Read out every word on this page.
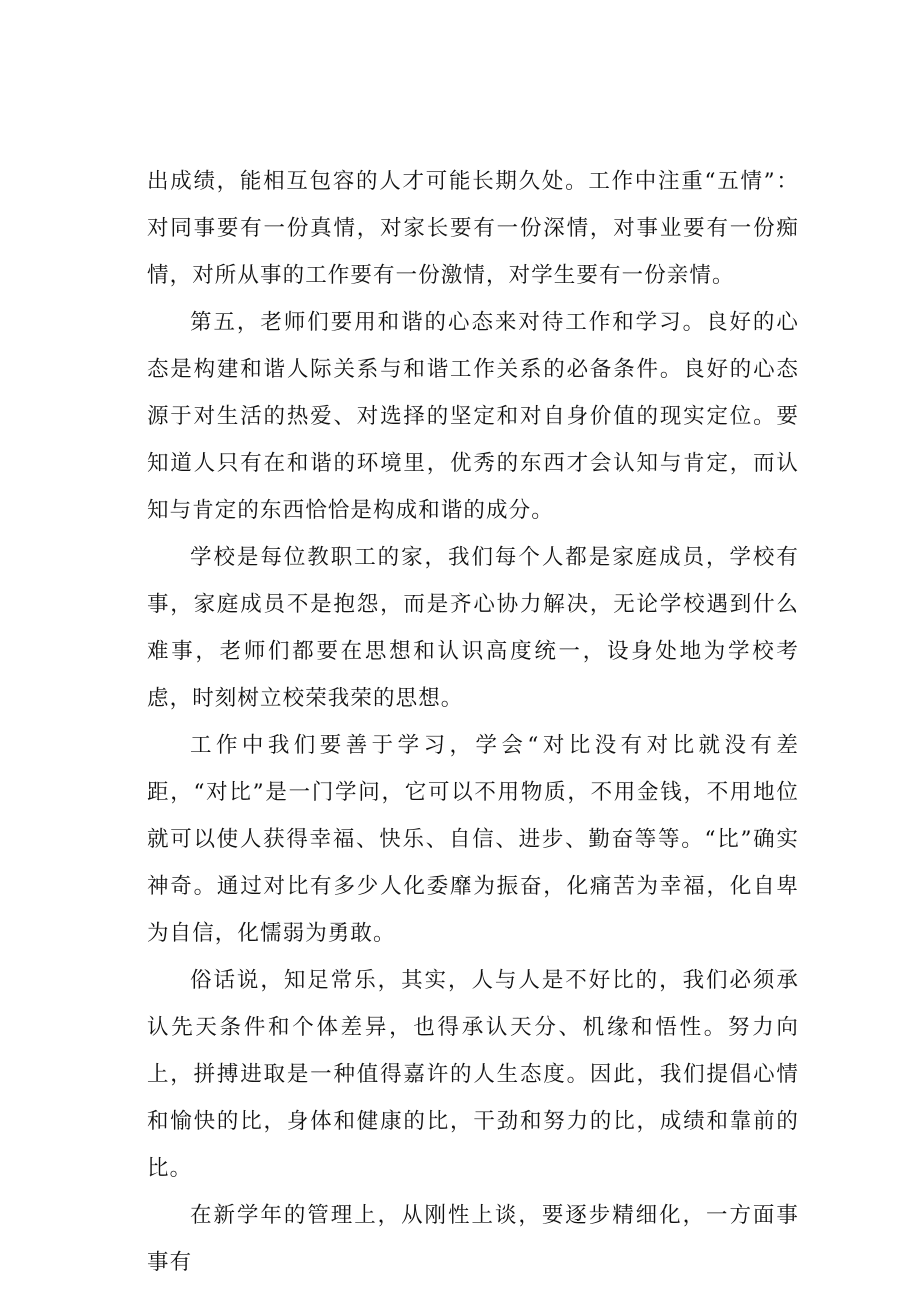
出成绩，能相互包容的人才可能长期久处。工作中注重“五情”：对同事要有一份真情，对家长要有一份深情，对事业要有一份痴情，对所从事的工作要有一份激情，对学生要有一份亲情。

第五，老师们要用和谐的心态来对待工作和学习。良好的心态是构建和谐人际关系与和谐工作关系的必备条件。良好的心态源于对生活的热爱、对选择的坚定和对自身价值的现实定位。要知道人只有在和谐的环境里，优秀的东西才会认知与肯定，而认知与肯定的东西恰恰是构成和谐的成分。

学校是每位教职工的家，我们每个人都是家庭成员，学校有事，家庭成员不是抱怨，而是齐心协力解决，无论学校遇到什么难事，老师们都要在思想和认识高度统一，设身处地为学校考虑，时刻树立校荣我荣的思想。

工作中我们要善于学习，学会“对比没有对比就没有差距，“对比”是一门学问，它可以不用物质，不用金钱，不用地位就可以使人获得幸福、快乐、自信、进步、勤奋等等。“比”确实神奇。通过对比有多少人化委靡为振奋，化痛苦为幸福，化自卑为自信，化懦弱为勇敢。

俗话说，知足常乐，其实，人与人是不好比的，我们必须承认先天条件和个体差异，也得承认天分、机缘和悟性。努力向上，拼搏进取是一种值得嘉许的人生态度。因此，我们提倡心情和愉快的比，身体和健康的比，干劲和努力的比，成绩和靠前的比。

在新学年的管理上，从刚性上谈，要逐步精细化，一方面事事有
